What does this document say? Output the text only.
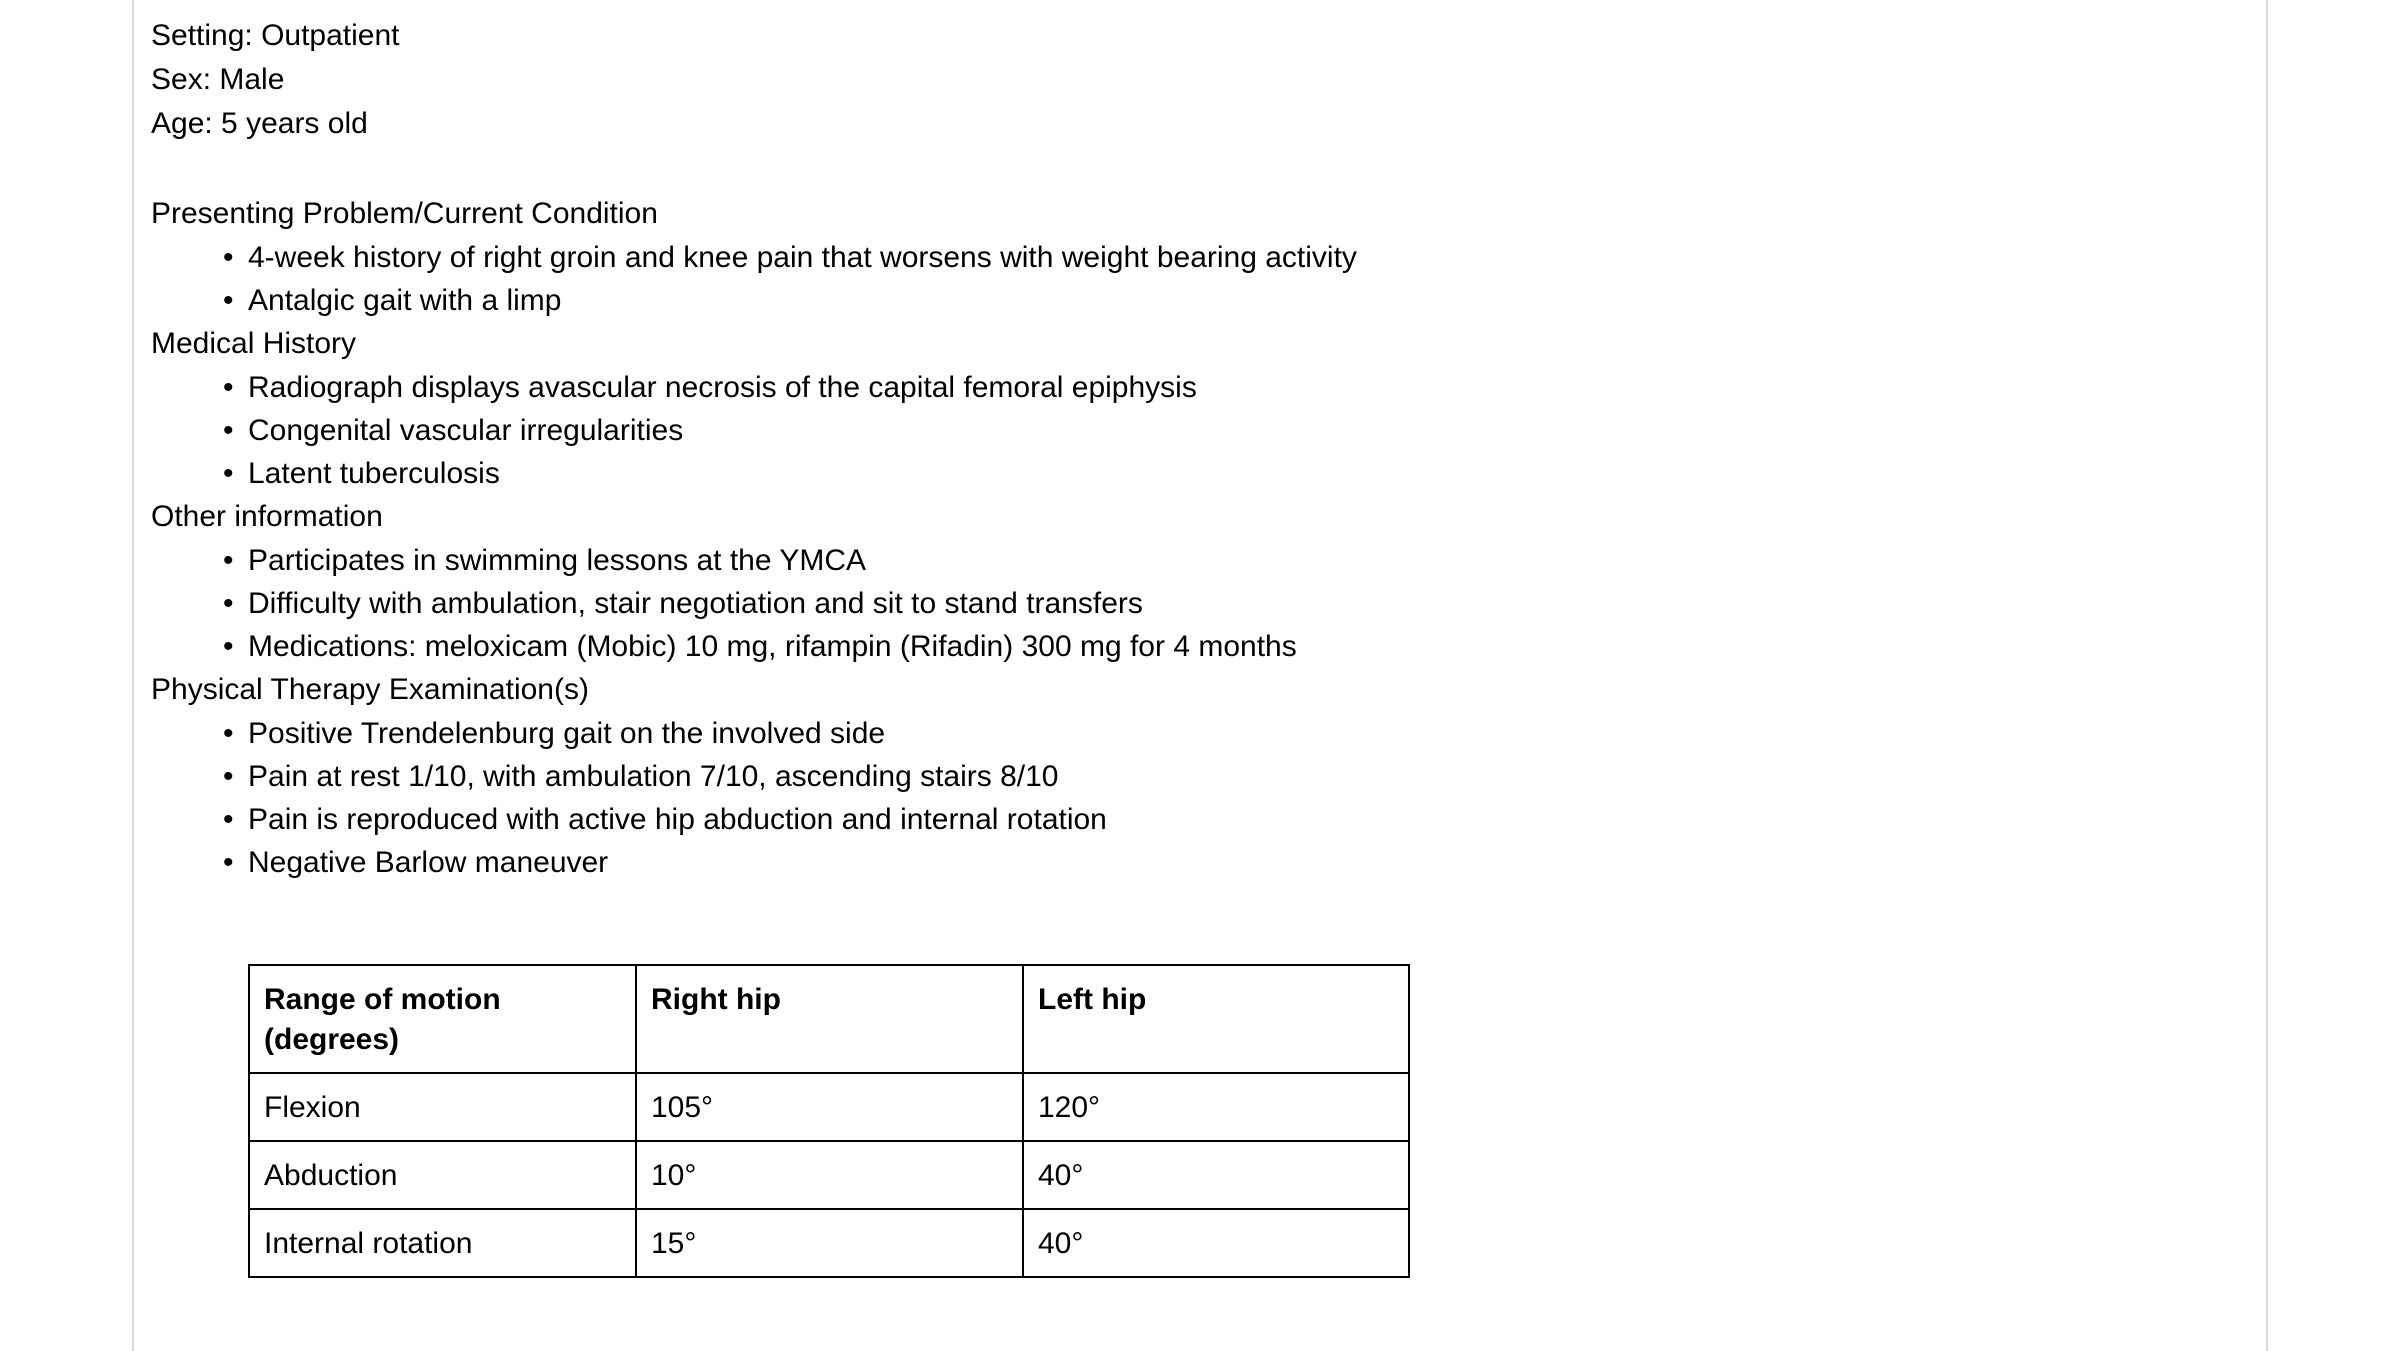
Setting: Outpatient

Sex: Male

Age: 5 years old

Presenting Problem/Current Condition

• 4-week history of right groin and knee pain that worsens with weight bearing activity
• Antalgic gait with a limp

Medical History

• Radiograph displays avascular necrosis of the capital femoral epiphysis
• Congenital vascular irregularities
• Latent tuberculosis

Other information

• Participates in swimming lessons at the YMCA
• Difficulty with ambulation, stair negotiation and sit to stand transfers
• Medications: meloxicam (Mobic) 10 mg, rifampin (Rifadin) 300 mg for 4 months

Physical Therapy Examination(s)

• Positive Trendelenburg gait on the involved side
• Pain at rest 1/10, with ambulation 7/10, ascending stairs 8/10
• Pain is reproduced with active hip abduction and internal rotation
• Negative Barlow maneuver
Range of motion (degrees)	Right hip	Left hip
Flexion	105°	120°
Abduction	10°	40°
Internal rotation	15°	40°
